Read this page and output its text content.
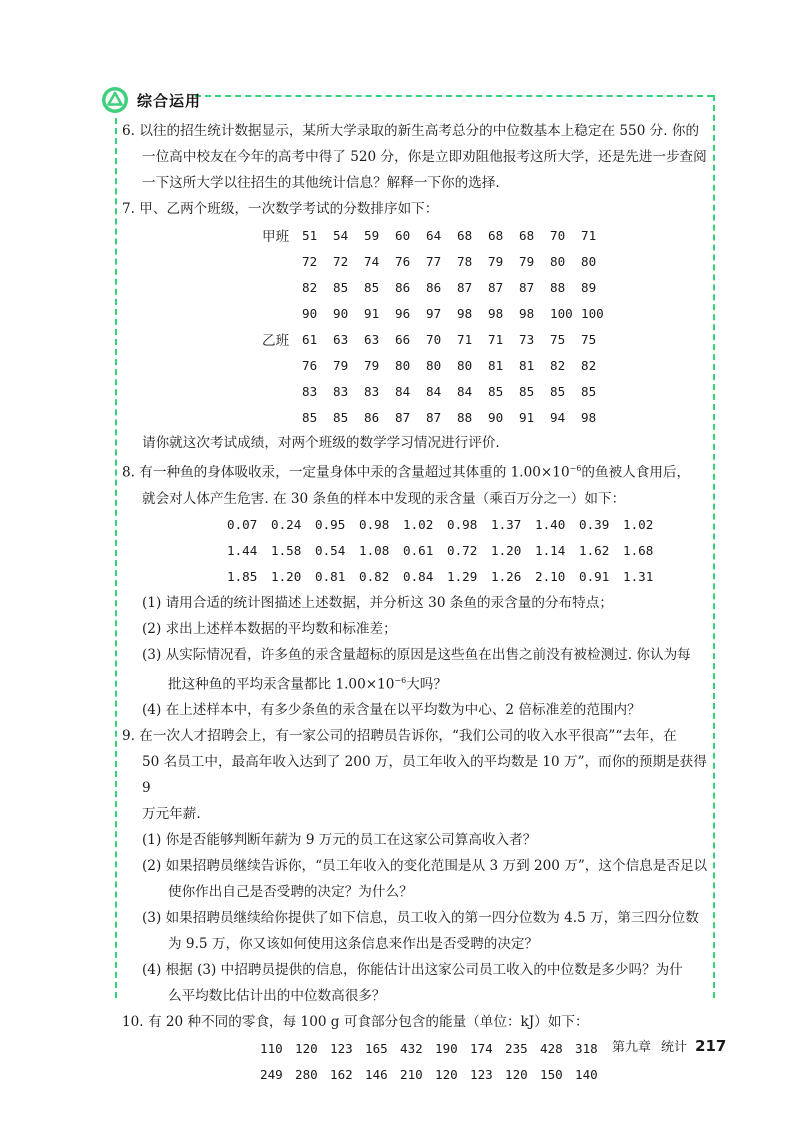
综合运用

6. 以往的招生统计数据显示，某所大学录取的新生高考总分的中位数基本上稳定在 550 分. 你的

一位高中校友在今年的高考中得了 520 分，你是立即劝阻他报考这所大学，还是先进一步查阅

一下这所大学以往招生的其他统计信息？解释一下你的选择.

7. 甲、乙两个班级，一次数学考试的分数排序如下：

甲班	51	54	59	60	64	68	68	68	70	71
	72	72	74	76	77	78	79	79	80	80
	82	85	85	86	86	87	87	87	88	89
	90	90	91	96	97	98	98	98	100	100
乙班	61	63	63	66	70	71	71	73	75	75
	76	79	79	80	80	80	81	81	82	82
	83	83	83	84	84	84	85	85	85	85
	85	85	86	87	87	88	90	91	94	98

请你就这次考试成绩，对两个班级的数学学习情况进行评价.

8. 有一种鱼的身体吸收汞，一定量身体中汞的含量超过其体重的 $1.00\times 10^{-6}$的鱼被人食用后，

就会对人体产生危害. 在 30 条鱼的样本中发现的汞含量（乘百万分之一）如下：

0.07	0.24	0.95	0.98	1.02	0.98	1.37	1.40	0.39	1.02
1.44	1.58	0.54	1.08	0.61	0.72	1.20	1.14	1.62	1.68
1.85	1.20	0.81	0.82	0.84	1.29	1.26	2.10	0.91	1.31

(1) 请用合适的统计图描述上述数据，并分析这 30 条鱼的汞含量的分布特点；

(2) 求出上述样本数据的平均数和标准差；

(3) 从实际情况看，许多鱼的汞含量超标的原因是这些鱼在出售之前没有被检测过. 你认为每

批这种鱼的平均汞含量都比 $1.00\times 10^{-6}$大吗？

(4) 在上述样本中，有多少条鱼的汞含量在以平均数为中心、2 倍标准差的范围内？

9. 在一次人才招聘会上，有一家公司的招聘员告诉你，“我们公司的收入水平很高”“去年，在

50 名员工中，最高年收入达到了 200 万，员工年收入的平均数是 10 万”，而你的预期是获得 9

万元年薪.

(1) 你是否能够判断年薪为 9 万元的员工在这家公司算高收入者？

(2) 如果招聘员继续告诉你，“员工年收入的变化范围是从 3 万到 200 万”，这个信息是否足以

使你作出自己是否受聘的决定？为什么？

(3) 如果招聘员继续给你提供了如下信息，员工收入的第一四分位数为 4.5 万，第三四分位数

为 9.5 万，你又该如何使用这条信息来作出是否受聘的决定？

(4) 根据 (3) 中招聘员提供的信息，你能估计出这家公司员工收入的中位数是多少吗？为什

么平均数比估计出的中位数高很多？

10. 有 20 种不同的零食，每 100 g 可食部分包含的能量（单位：kJ）如下：

110	120	123	165	432	190	174	235	428	318
249	280	162	146	210	120	123	120	150	140
第九章 统计 217
